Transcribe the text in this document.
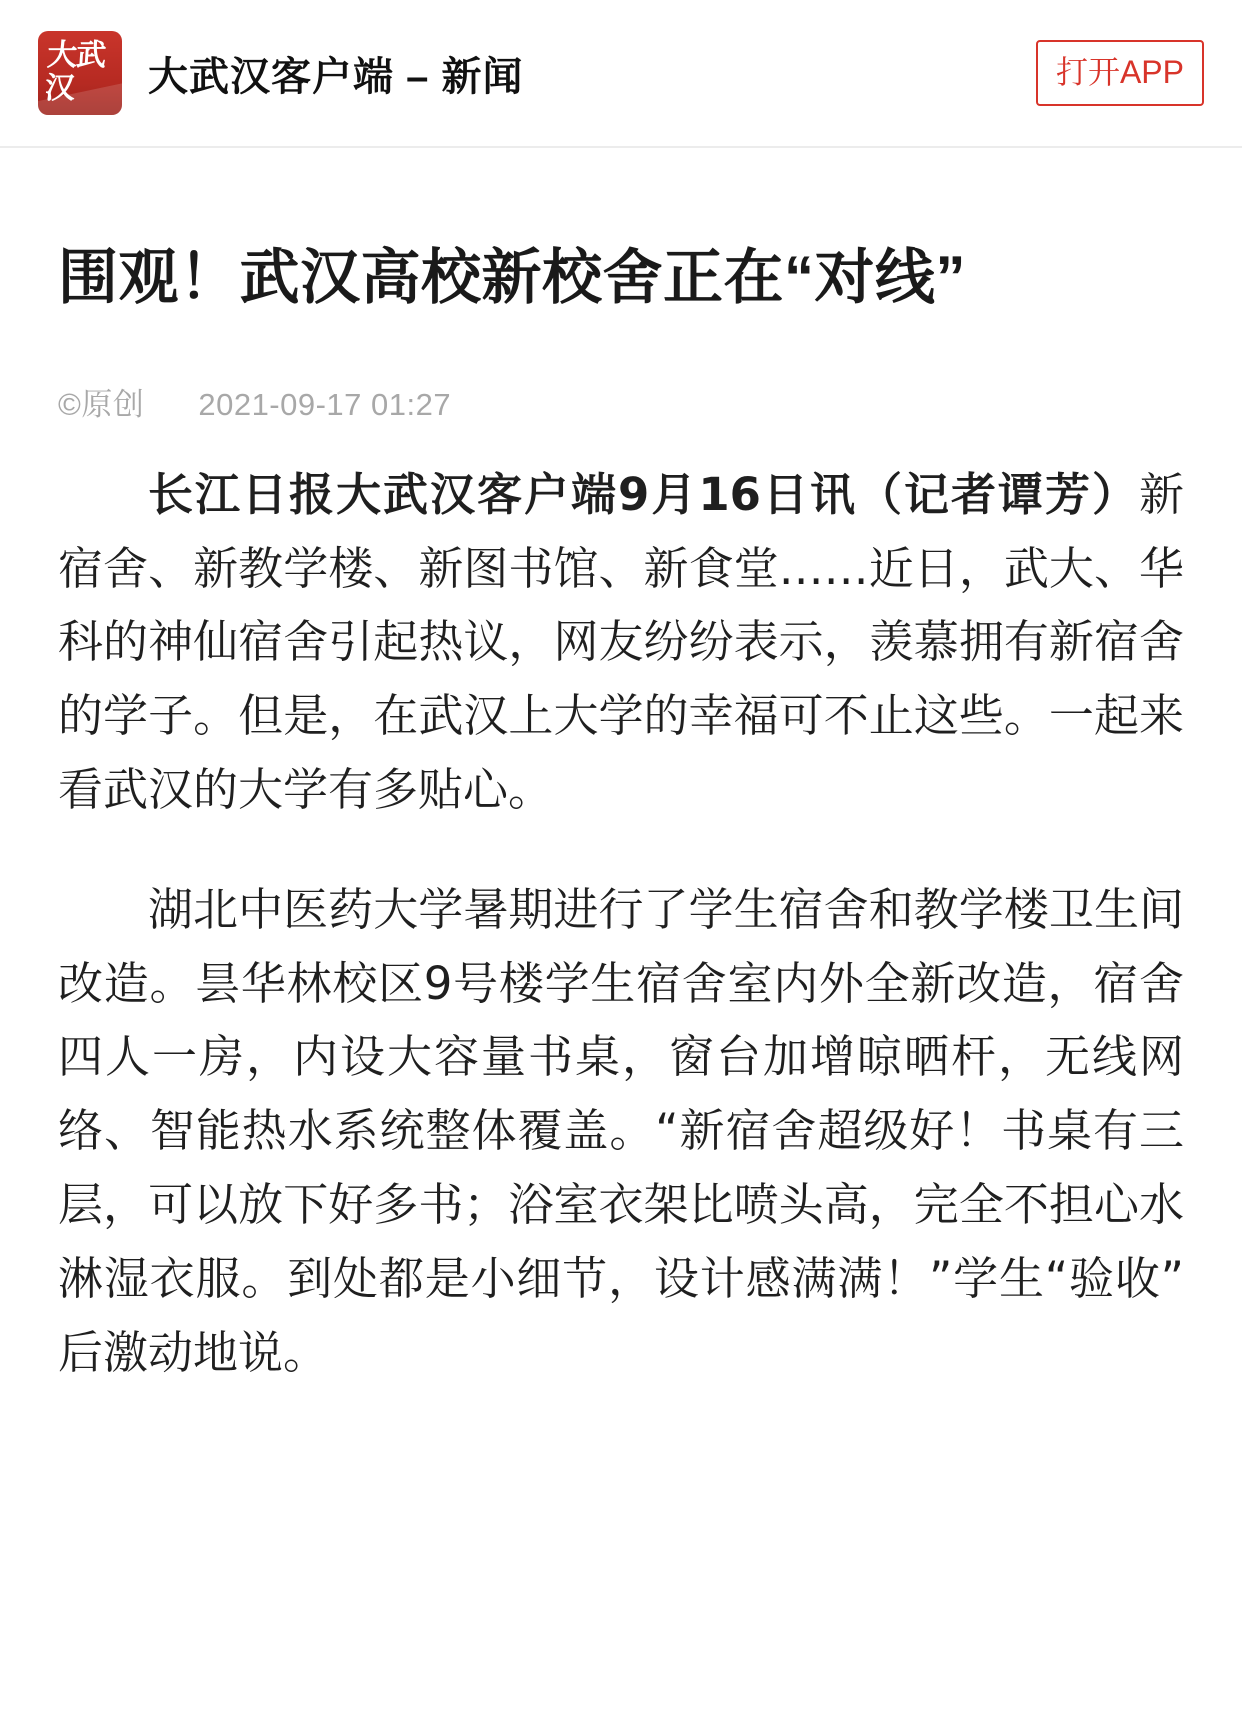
大武
汉	大武汉客户端 – 新闻	打开APP
围观！武汉高校新校舍正在“对线”
©原创 2021-09-17 01:27

长江日报大武汉客户端9月16日讯（记者谭芳）新宿舍、新教学楼、新图书馆、新食堂……近日，武大、华科的神仙宿舍引起热议，网友纷纷表示，羡慕拥有新宿舍的学子。但是，在武汉上大学的幸福可不止这些。一起来看武汉的大学有多贴心。

湖北中医药大学暑期进行了学生宿舍和教学楼卫生间改造。昙华林校区9号楼学生宿舍室内外全新改造，宿舍四人一房，内设大容量书桌，窗台加增晾晒杆，无线网络、智能热水系统整体覆盖。“新宿舍超级好！书桌有三层，可以放下好多书；浴室衣架比喷头高，完全不担心水淋湿衣服。到处都是小细节，设计感满满！”学生“验收”后激动地说。
